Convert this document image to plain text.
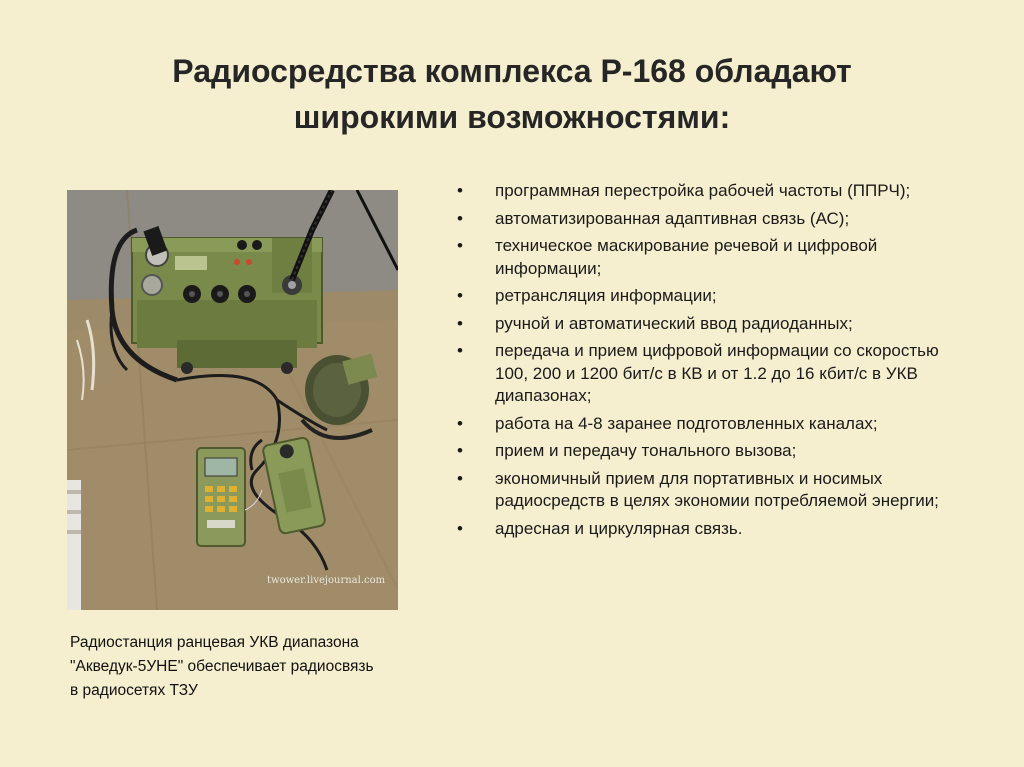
Радиосредства комплекса Р-168 обладают
широкими возможностями:
twower.livejournal.com
Радиостанция ранцевая УКВ диапазона
"Акведук-5УНЕ" обеспечивает радиосвязь
в радиосетях ТЗУ
• программная перестройка рабочей частоты (ППРЧ);
• автоматизированная адаптивная связь (АС);
• техническое маскирование речевой и цифровой информации;
• ретрансляция информации;
• ручной и автоматический ввод радиоданных;
• передача и прием цифровой информации со скоростью 100, 200 и 1200 бит/с в КВ и от 1.2 до 16 кбит/с в УКВ диапазонах;
• работа на 4-8 заранее подготовленных каналах;
• прием и передачу тонального вызова;
• экономичный прием для портативных и носимых радиосредств в целях экономии потребляемой энергии;
• адресная и циркулярная связь.
